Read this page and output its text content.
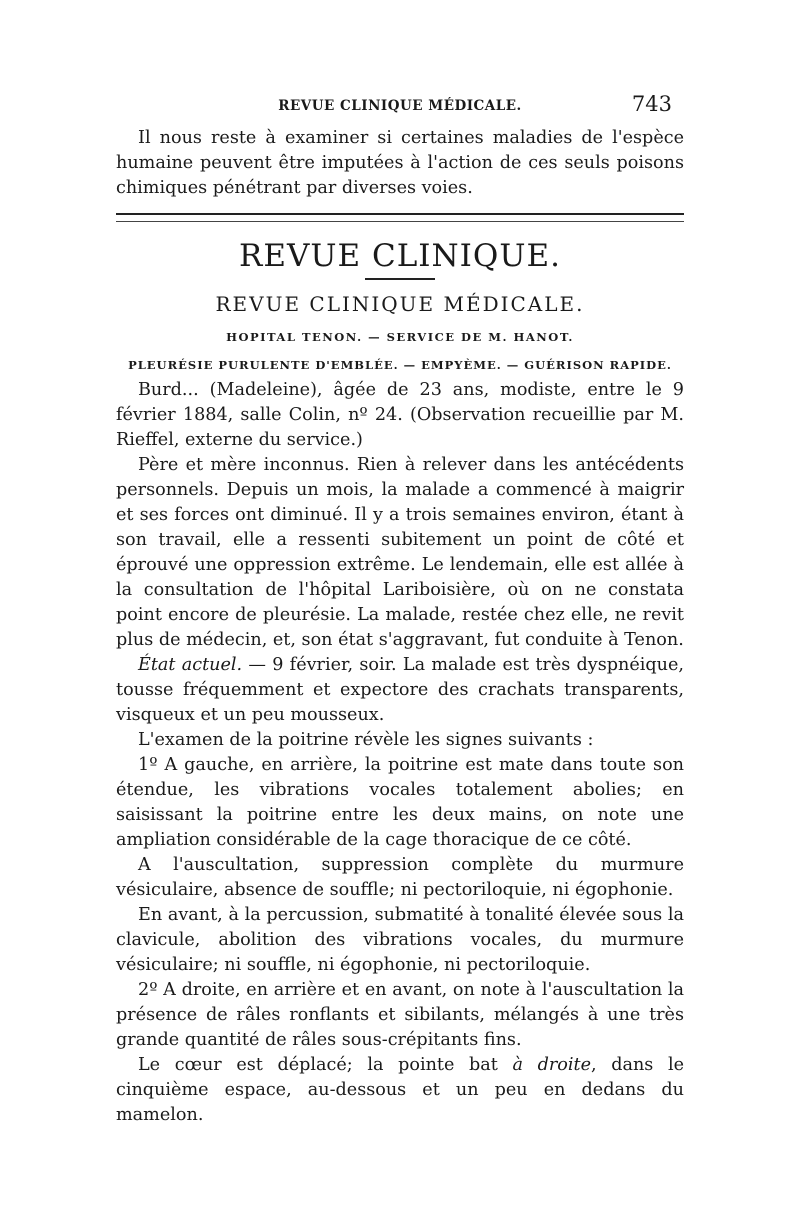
REVUE CLINIQUE MÉDICALE.	743

Il nous reste à examiner si certaines maladies de l'espèce humaine peuvent être imputées à l'action de ces seuls poisons chimiques pénétrant par diverses voies.

REVUE CLINIQUE.
REVUE CLINIQUE MÉDICALE.
HOPITAL TENON. — SERVICE DE M. HANOT.
PLEURÉSIE PURULENTE D'EMBLÉE. — EMPYÈME. — GUÉRISON RAPIDE.

Burd... (Madeleine), âgée de 23 ans, modiste, entre le 9 février 1884, salle Colin, nº 24. (Observation recueillie par M. Rieffel, externe du service.)

Père et mère inconnus. Rien à relever dans les antécédents personnels. Depuis un mois, la malade a commencé à maigrir et ses forces ont diminué. Il y a trois semaines environ, étant à son travail, elle a ressenti subitement un point de côté et éprouvé une oppression extrême. Le lendemain, elle est allée à la consultation de l'hôpital Lariboisière, où on ne constata point encore de pleurésie. La malade, restée chez elle, ne revit plus de médecin, et, son état s'aggravant, fut conduite à Tenon.

État actuel. — 9 février, soir. La malade est très dyspnéique, tousse fréquemment et expectore des crachats transparents, visqueux et un peu mousseux.

L'examen de la poitrine révèle les signes suivants :

1º A gauche, en arrière, la poitrine est mate dans toute son étendue, les vibrations vocales totalement abolies; en saisissant la poitrine entre les deux mains, on note une ampliation considérable de la cage thoracique de ce côté.

A l'auscultation, suppression complète du murmure vésiculaire, absence de souffle; ni pectoriloquie, ni égophonie.

En avant, à la percussion, submatité à tonalité élevée sous la clavicule, abolition des vibrations vocales, du murmure vésiculaire; ni souffle, ni égophonie, ni pectoriloquie.

2º A droite, en arrière et en avant, on note à l'auscultation la présence de râles ronflants et sibilants, mélangés à une très grande quantité de râles sous-crépitants fins.

Le cœur est déplacé; la pointe bat à droite, dans le cinquième espace, au-dessous et un peu en dedans du mamelon.
